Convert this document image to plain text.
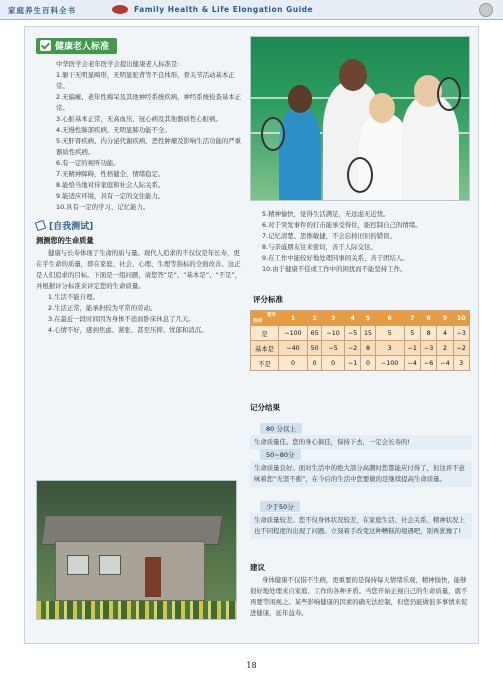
家庭养生百科全书	Family Health & Life Elongation Guide
健康老人标准
中华医学会老年医学会提出健康老人标准是：
1.躯干无明显畸形，无明显驼背等不良体形，骨关节活动基本正常。
2.无偏瘫、老年性痴呆及其他神经系统疾病，神经系统检查基本正常。
3.心脏基本正常，无高血压、冠心病及其他器质性心脏病。
4.无慢性肺部疾病，无明显肺功能不全。
5.无肝肾疾病、内分泌代谢疾病、恶性肿瘤及影响生活功能的严重器质性疾病。
6.有一定的视听功能。
7.无精神障碍，性格健全，情绪稳定。
8.能恰当地对待家庭和社会人际关系。
9.能适应环境，具有一定的交往能力。
10.具有一定的学习、记忆能力。
[自我测试]
测测您的生命质量
健康与长寿体现了生命的质与量。现代人追求的不仅仅是年长寿，更在乎生命的质量，即在家庭、社会、心理、生理等指标的全面改善。这正是人们追求的目标。下面是一组问题，请您答“是”、“基本是”、“不是”，并根据评分标准来评定您的生命质量。
1.生活不能自理。
2.生活正常，能承担较为平常的劳动。
3.在最近一段时间因为身体不适而卧床休息了几天。
4.心情不好，感到焦虑、紧张、甚至压抑、忧郁和消沉。
5.精神愉快，觉得生活满足，无远虑无近忧。
6.对于突发事件的打击能承受得住，能控制自己的情绪。
7.记忆清楚、思维敏捷，不会忘掉旧识的错误。
8.与亲戚朋友往来密切，善于人际交往。
9.在工作中能较好地处理同事间关系，善于团结人。
10.由于健康不佳或工作中的困扰而不能坚持工作。
评分标准
题号
选项	1	2	3	4	5	6	7	8	9	10
是	−100	65	−10	−5	15	5	5	8	4	−3
基本是	−40	50	−5	−2	8	3	−1	−3	2	−2
不是	0	0	0	−1	0	−100	−4	−6	−4	3
记分结果
80 分以上
生命质量佳。您的身心俱佳，保持下去，一定会长寿的!
50~80分
生命质量良好。面对生活中的绝大部分高潮时您都能应付得了，但这并不意味着您“无坚不摧”，在今后的生活中您要做的是继续提高生命质量。
少于50分
生命质量较差。您不仅身体状况较差，在家庭生活、社会关系、精神状况上也不同程度的出现了问题。立刻着手改变这种糟糕的境遇吧，别再犹豫了!
建议
身体健康不仅指不生病，更重要的是保持每天情绪乐观、精神愉快，能够很好地处理来自家庭、工作的各种矛盾。当您开始正视自己的生命质量，就不再要等闲视之。某些影响健康的因素的确无法控制，但您仍能做很多事情来促进健康，延年益寿。
18
